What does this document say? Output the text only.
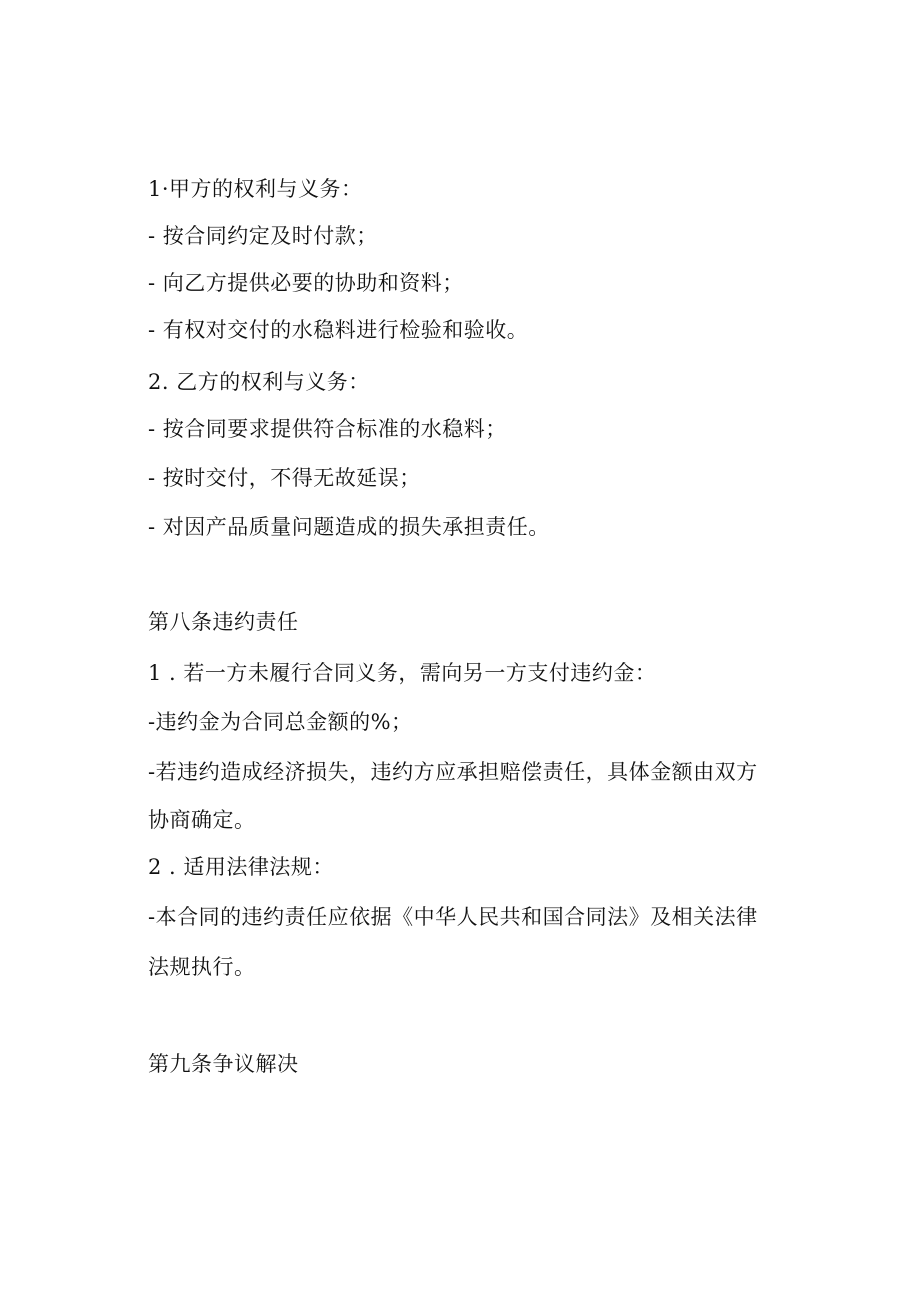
1·甲方的权利与义务：
- 按合同约定及时付款；
- 向乙方提供必要的协助和资料；
- 有权对交付的水稳料进行检验和验收。
2. 乙方的权利与义务：
- 按合同要求提供符合标准的水稳料；
- 按时交付，不得无故延误；
- 对因产品质量问题造成的损失承担责任。
第八条违约责任
1 . 若一方未履行合同义务，需向另一方支付违约金：
-违约金为合同总金额的%；
-若违约造成经济损失，违约方应承担赔偿责任，具体金额由双方
协商确定。
2 . 适用法律法规：
-本合同的违约责任应依据《中华人民共和国合同法》及相关法律
法规执行。
第九条争议解决
